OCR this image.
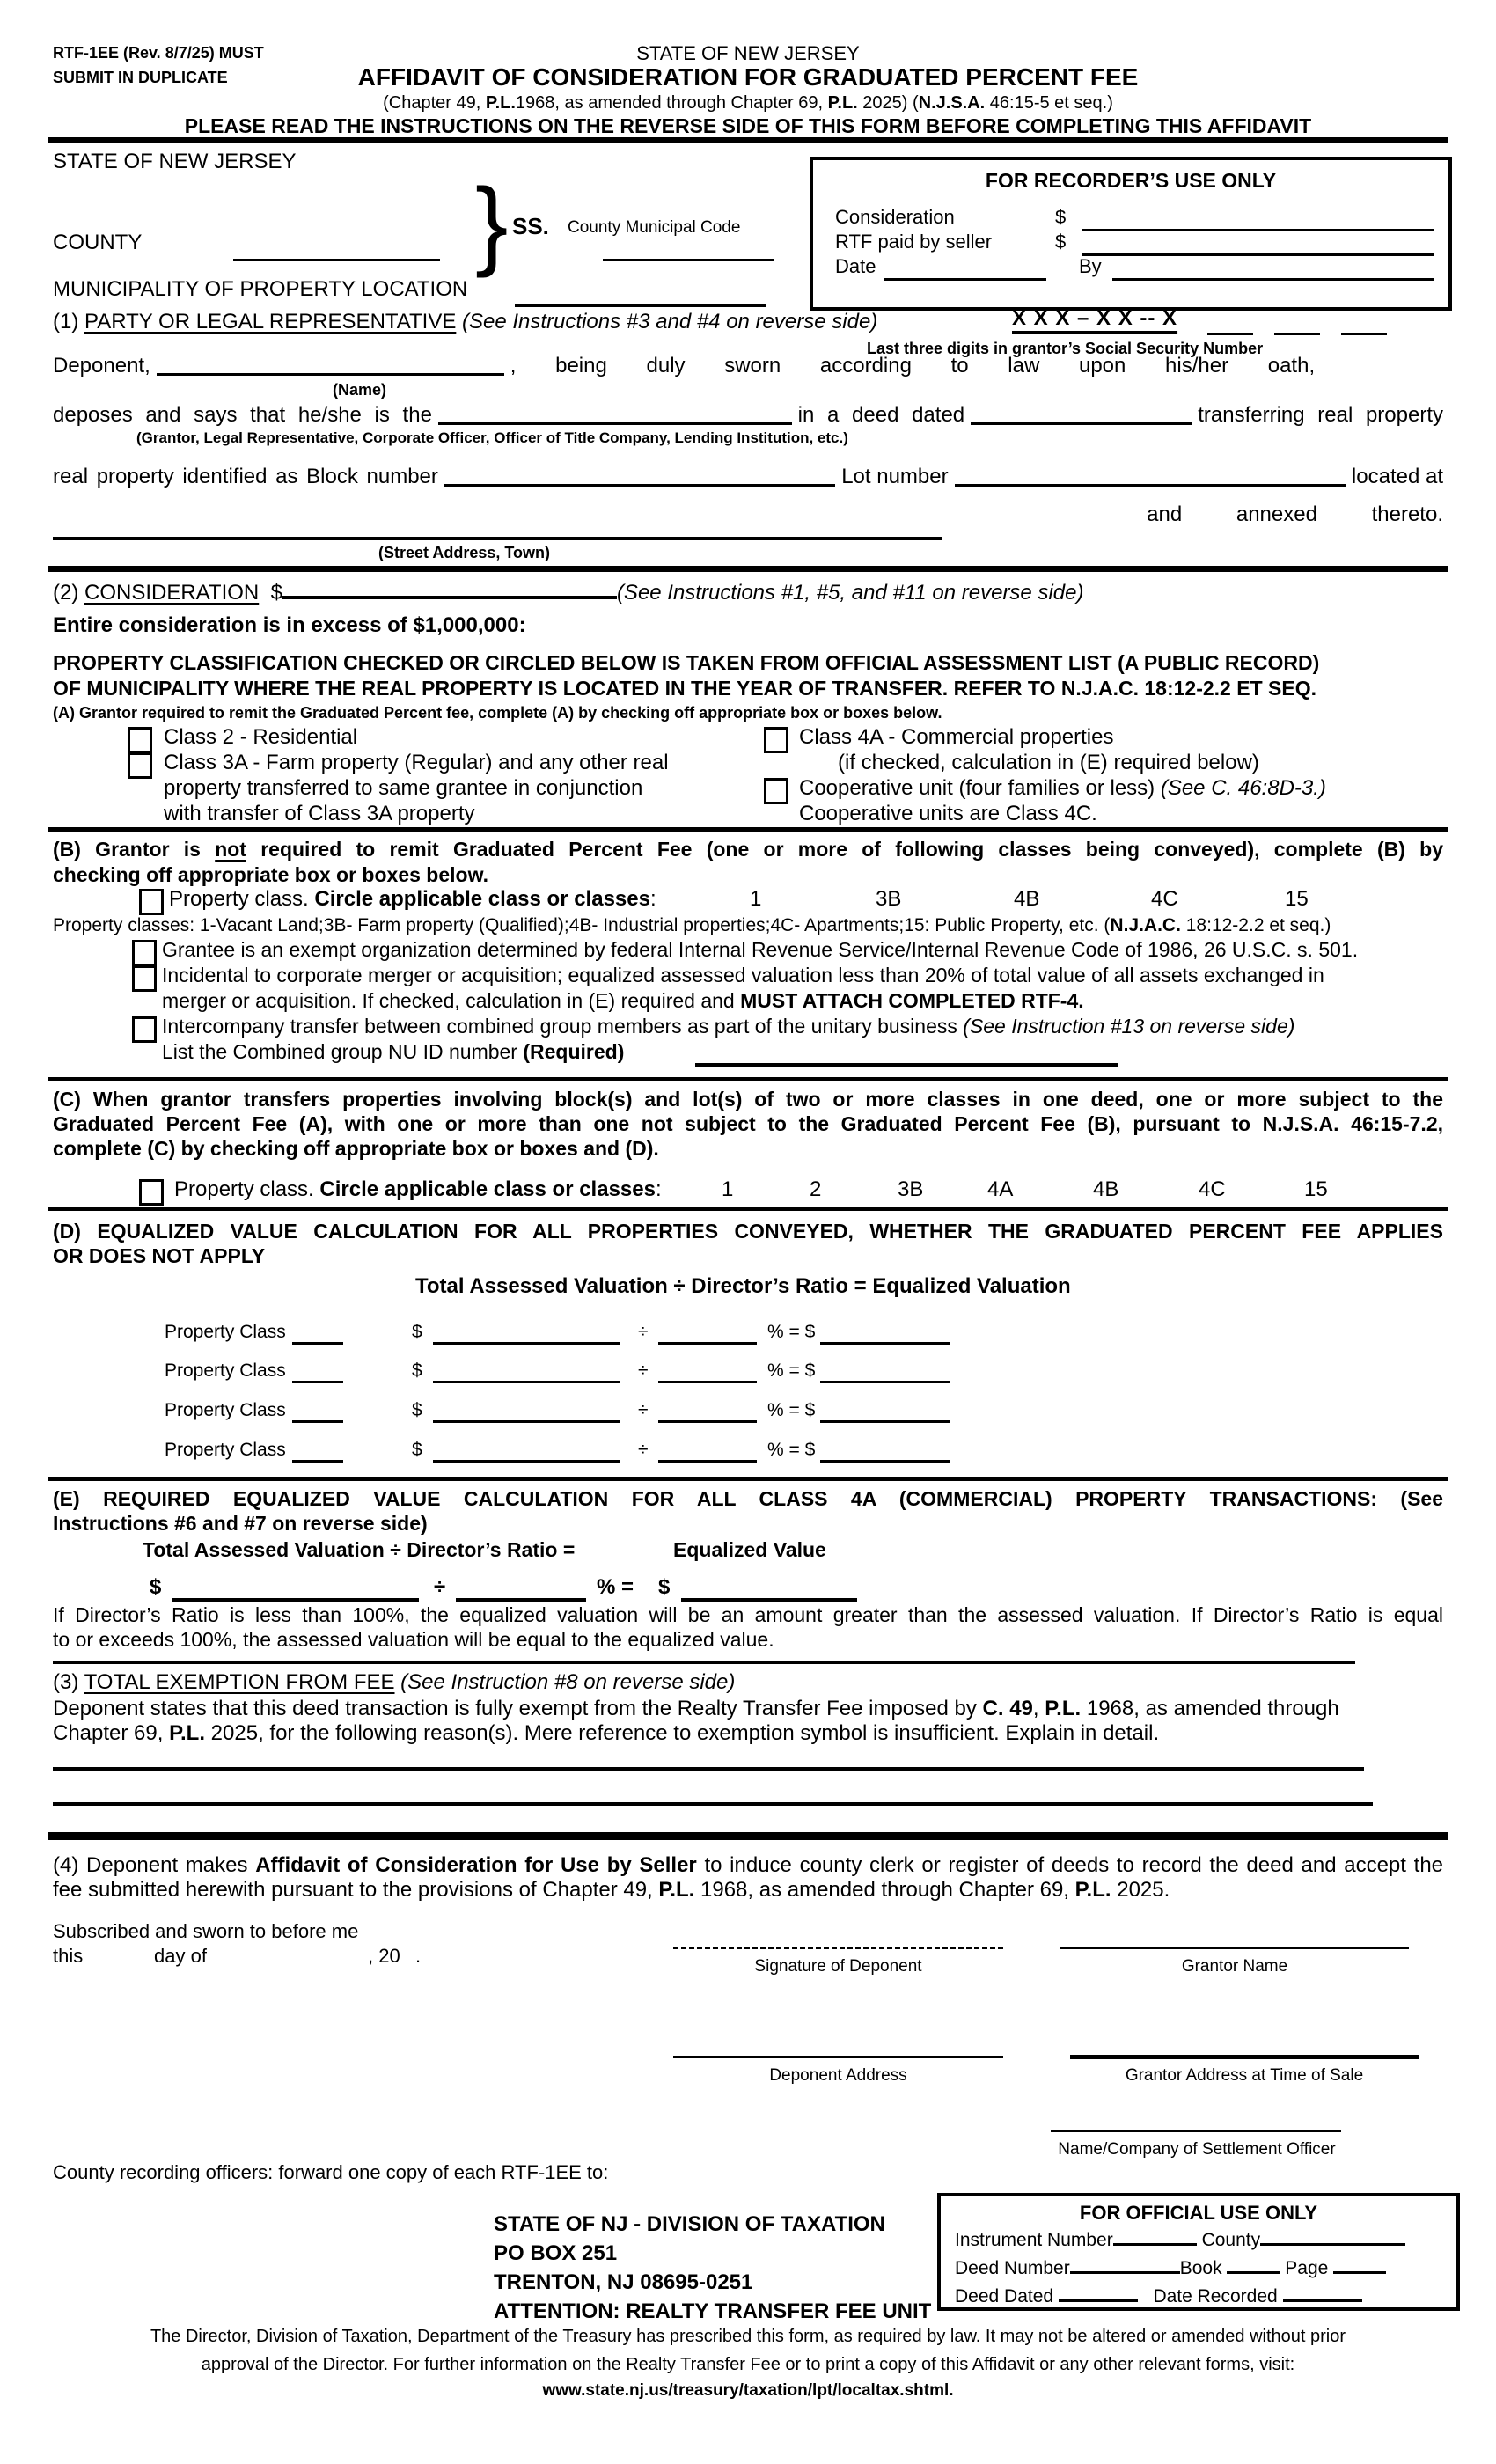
RTF-1EE (Rev. 8/7/25) MUST
SUBMIT IN DUPLICATE
STATE OF NEW JERSEY
AFFIDAVIT OF CONSIDERATION FOR GRADUATED PERCENT FEE
(Chapter 49, P.L.1968, as amended through Chapter 69, P.L. 2025) (N.J.S.A. 46:15-5 et seq.)
PLEASE READ THE INSTRUCTIONS ON THE REVERSE SIDE OF THIS FORM BEFORE COMPLETING THIS AFFIDAVIT
STATE OF NEW JERSEY
} SS. County Municipal Code
COUNTY
MUNICIPALITY OF PROPERTY LOCATION
FOR RECORDER’S USE ONLY
Consideration	$
RTF paid by seller	$
Date	By
(1) PARTY OR LEGAL REPRESENTATIVE (See Instructions #3 and #4 on reverse side)	X X X – X X -- X
Last three digits in grantor’s Social Security Number
Deponent,	, being duly sworn according to law upon his/her oath,
(Name)
deposes and says that he/she is the	in a deed dated	transferring real property
(Grantor, Legal Representative, Corporate Officer, Officer of Title Company, Lending Institution, etc.)
real property identified as Block number	Lot number	located at
and annexed thereto.
(Street Address, Town)
(2) CONSIDERATION $	(See Instructions #1, #5, and #11 on reverse side)
Entire consideration is in excess of $1,000,000:
PROPERTY CLASSIFICATION CHECKED OR CIRCLED BELOW IS TAKEN FROM OFFICIAL ASSESSMENT LIST (A PUBLIC RECORD)
OF MUNICIPALITY WHERE THE REAL PROPERTY IS LOCATED IN THE YEAR OF TRANSFER. REFER TO N.J.A.C. 18:12-2.2 ET SEQ.
(A) Grantor required to remit the Graduated Percent fee, complete (A) by checking off appropriate box or boxes below.
Class 2 - Residential
Class 3A - Farm property (Regular) and any other real
property transferred to same grantee in conjunction
with transfer of Class 3A property
Class 4A - Commercial properties
(if checked, calculation in (E) required below)
Cooperative unit (four families or less) (See C. 46:8D-3.)
Cooperative units are Class 4C.
(B) Grantor is not required to remit Graduated Percent Fee (one or more of following classes being conveyed), complete (B) by
checking off appropriate box or boxes below.
Property class. Circle applicable class or classes:	1	3B	4B	4C	15
Property classes: 1-Vacant Land;3B- Farm property (Qualified);4B- Industrial properties;4C- Apartments;15: Public Property, etc. (N.J.A.C. 18:12-2.2 et seq.)
Grantee is an exempt organization determined by federal Internal Revenue Service/Internal Revenue Code of 1986, 26 U.S.C. s. 501.
Incidental to corporate merger or acquisition; equalized assessed valuation less than 20% of total value of all assets exchanged in
merger or acquisition. If checked, calculation in (E) required and MUST ATTACH COMPLETED RTF-4.
Intercompany transfer between combined group members as part of the unitary business (See Instruction #13 on reverse side)
List the Combined group NU ID number (Required)
(C) When grantor transfers properties involving block(s) and lot(s) of two or more classes in one deed, one or more subject to the
Graduated Percent Fee (A), with one or more than one not subject to the Graduated Percent Fee (B), pursuant to N.J.S.A. 46:15-7.2,
complete (C) by checking off appropriate box or boxes and (D).
Property class. Circle applicable class or classes:	1	2	3B	4A	4B	4C	15
(D) EQUALIZED VALUE CALCULATION FOR ALL PROPERTIES CONVEYED, WHETHER THE GRADUATED PERCENT FEE APPLIES
OR DOES NOT APPLY
Total Assessed Valuation ÷ Director’s Ratio = Equalized Valuation
Property Class	$	÷	% = $
Property Class	$	÷	% = $
Property Class	$	÷	% = $
Property Class	$	÷	% = $
(E) REQUIRED EQUALIZED VALUE CALCULATION FOR ALL CLASS 4A (COMMERCIAL) PROPERTY TRANSACTIONS: (See
Instructions #6 and #7 on reverse side)
Total Assessed Valuation ÷ Director’s Ratio =	Equalized Value
$	÷	% = $
If Director’s Ratio is less than 100%, the equalized valuation will be an amount greater than the assessed valuation. If Director’s Ratio is equal
to or exceeds 100%, the assessed valuation will be equal to the equalized value.
(3) TOTAL EXEMPTION FROM FEE (See Instruction #8 on reverse side)
Deponent states that this deed transaction is fully exempt from the Realty Transfer Fee imposed by C. 49, P.L. 1968, as amended through
Chapter 69, P.L. 2025, for the following reason(s). Mere reference to exemption symbol is insufficient. Explain in detail.
(4) Deponent makes Affidavit of Consideration for Use by Seller to induce county clerk or register of deeds to record the deed and accept the
fee submitted herewith pursuant to the provisions of Chapter 49, P.L. 1968, as amended through Chapter 69, P.L. 2025.
Subscribed and sworn to before me
this	day of	, 20 .	Signature of Deponent	Grantor Name
Deponent Address	Grantor Address at Time of Sale
Name/Company of Settlement Officer
County recording officers: forward one copy of each RTF-1EE to:
STATE OF NJ - DIVISION OF TAXATION
PO BOX 251
TRENTON, NJ 08695-0251
ATTENTION: REALTY TRANSFER FEE UNIT
FOR OFFICIAL USE ONLY
Instrument Number	County
Deed Number	Book	Page
Deed Dated	Date Recorded
The Director, Division of Taxation, Department of the Treasury has prescribed this form, as required by law. It may not be altered or amended without prior
approval of the Director. For further information on the Realty Transfer Fee or to print a copy of this Affidavit or any other relevant forms, visit:
www.state.nj.us/treasury/taxation/lpt/localtax.shtml.
